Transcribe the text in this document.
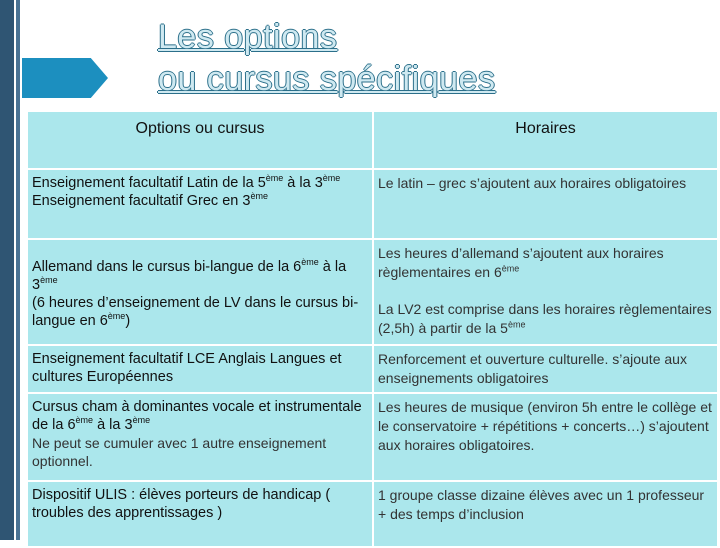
Les options
ou cursus spécifiques
Options ou cursus	Horaires

Enseignement facultatif Latin de la 5ème à la 3ème
Enseignement facultatif Grec en 3ème	Le latin – grec s’ajoutent aux horaires obligatoires

Allemand dans le cursus bi-langue de la 6ème à la 3ème
(6 heures d’enseignement de LV dans le cursus bi-langue en 6ème)	Les heures d’allemand s’ajoutent aux horaires règlementaires en 6ème
La LV2 est comprise dans les horaires règlementaires (2,5h) à partir de la 5ème

Enseignement facultatif LCE Anglais Langues et cultures Européennes	Renforcement et ouverture culturelle. s’ajoute aux enseignements obligatoires

Cursus cham à dominantes vocale et instrumentale de la 6ème à la 3ème
Ne peut se cumuler avec 1 autre enseignement optionnel.	Les heures de musique (environ 5h entre le collège et le conservatoire + répétitions + concerts…) s’ajoutent aux horaires obligatoires.

Dispositif ULIS : élèves porteurs de handicap ( troubles des apprentissages )	1 groupe classe dizaine élèves avec un 1 professeur + des temps d’inclusion
